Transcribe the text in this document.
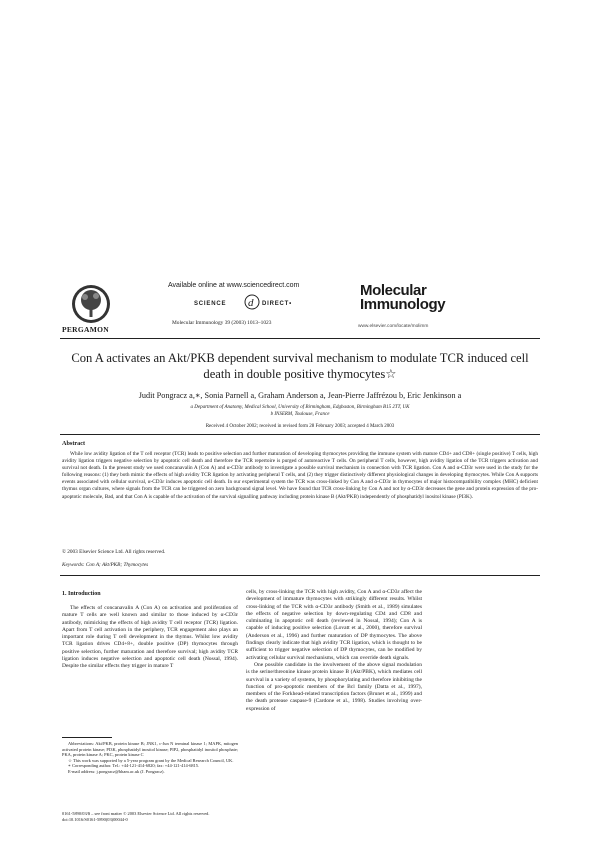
PERGAMON
Available online at www.sciencedirect.com
SCIENCE d DIRECT•
Molecular Immunology 39 (2003) 1013–1023
Molecular
Immunology
www.elsevier.com/locate/molimm
Con A activates an Akt/PKB dependent survival mechanism to modulate TCR induced cell death in double positive thymocytes☆
Judit Pongracz a,∗, Sonia Parnell a, Graham Anderson a, Jean-Pierre Jaffrézou b, Eric Jenkinson a
a Department of Anatomy, Medical School, University of Birmingham, Edgbaston, Birmingham B15 2TT, UK
b INSERM, Toulouse, France
Received 4 October 2002; received in revised form 28 February 2003; accepted 4 March 2003
Abstract
While low avidity ligation of the T cell receptor (TCR) leads to positive selection and further maturation of developing thymocytes providing the immune system with mature CD4+ and CD8+ (single positive) T cells, high avidity ligation triggers negative selection by apoptotic cell death and therefore the TCR repertoire is purged of autoreactive T cells. On peripheral T cells, however, high avidity ligation of the TCR triggers activation and survival not death. In the present study we used concanavalin A (Con A) and α-CD3ε antibody to investigate a possible survival mechanism in connection with TCR ligation. Con A and α-CD3ε were used in the study for the following reasons: (1) they both mimic the effects of high avidity TCR ligation by activating peripheral T cells, and (2) they trigger distinctively different physiological changes in developing thymocytes. While Con A supports events associated with cellular survival, α-CD3ε induces apoptotic cell death. In our experimental system the TCR was cross-linked by Con A and α-CD3ε in thymocytes of major histocompatibility complex (MHC) deficient thymus organ cultures, where signals from the TCR can be triggered on zero background signal level. We have found that TCR cross-linking by Con A and not by α-CD3ε decreases the gene and protein expression of the pro-apoptotic molecule, Bad, and that Con A is capable of the activation of the survival signalling pathway including protein kinase B (Akt/PKB) independently of phosphatidyl inositol kinase (PI3K).
© 2003 Elsevier Science Ltd. All rights reserved.
Keywords: Con A; Akt/PKB; Thymocytes
1. Introduction
The effects of concanavalin A (Con A) on activation and proliferation of mature T cells are well known and similar to those induced by α-CD3ε antibody, mimicking the effects of high avidity T cell receptor (TCR) ligation. Apart from T cell activation in the periphery, TCR engagement also plays an important role during T cell development in the thymus. Whilst low avidity TCR ligation drives CD4+8+, double positive (DP) thymocytes through positive selection, further maturation and therefore survival; high avidity TCR ligation induces negative selection and apoptotic cell death (Nossal, 1994). Despite the similar effects they trigger in mature T

cells, by cross-linking the TCR with high avidity, Con A and α-CD3ε affect the development of immature thymocytes with strikingly different results. Whilst cross-linking of the TCR with α-CD3ε antibody (Smith et al., 1989) simulates the effects of negative selection by down-regulating CD4 and CD8 and culminating in apoptotic cell death (reviewed in Nossal, 1994); Con A is capable of inducing positive selection (Lovatt et al., 2000), therefore survival (Anderson et al., 1996) and further maturation of DP thymocytes. The above findings clearly indicate that high avidity TCR ligation, which is thought to be sufficient to trigger negative selection of DP thymocytes, can be modified by activating cellular survival mechanisms, which can override death signals.

One possible candidate in the involvement of the above signal modulation is the serine/threonine kinase protein kinase B (Akt/PBK), which mediates cell survival in a variety of systems, by phosphorylating and therefore inhibiting the function of pro-apoptotic members of the Bcl family (Datta et al., 1997), members of the Forkhead-related transcription factors (Brunet et al., 1999) and the death protease caspase-9 (Cardone et al., 1998). Studies involving over-expression of

Abbreviations: Akt/PKB, protein kinase B; JNK1, c-Jun N terminal kinase 1; MAPK, mitogen activated protein kinase; PI3K, phosphatidyl inositol kinase; PIP2, phosphatidyl inositol phosphate; PKA, protein kinase A; PKC, protein kinase C

☆ This work was supported by a 5-year program grant by the Medical Research Council, UK.

∗ Corresponding author. Tel.: +44-121-414-6820; fax: +44-121-414-6815.

E-mail address: j.pongracz@bham.ac.uk (J. Pongracz).

0161-5890/03/$ – see front matter © 2003 Elsevier Science Ltd. All rights reserved.
doi:10.1016/S0161-5890(03)00044-0
